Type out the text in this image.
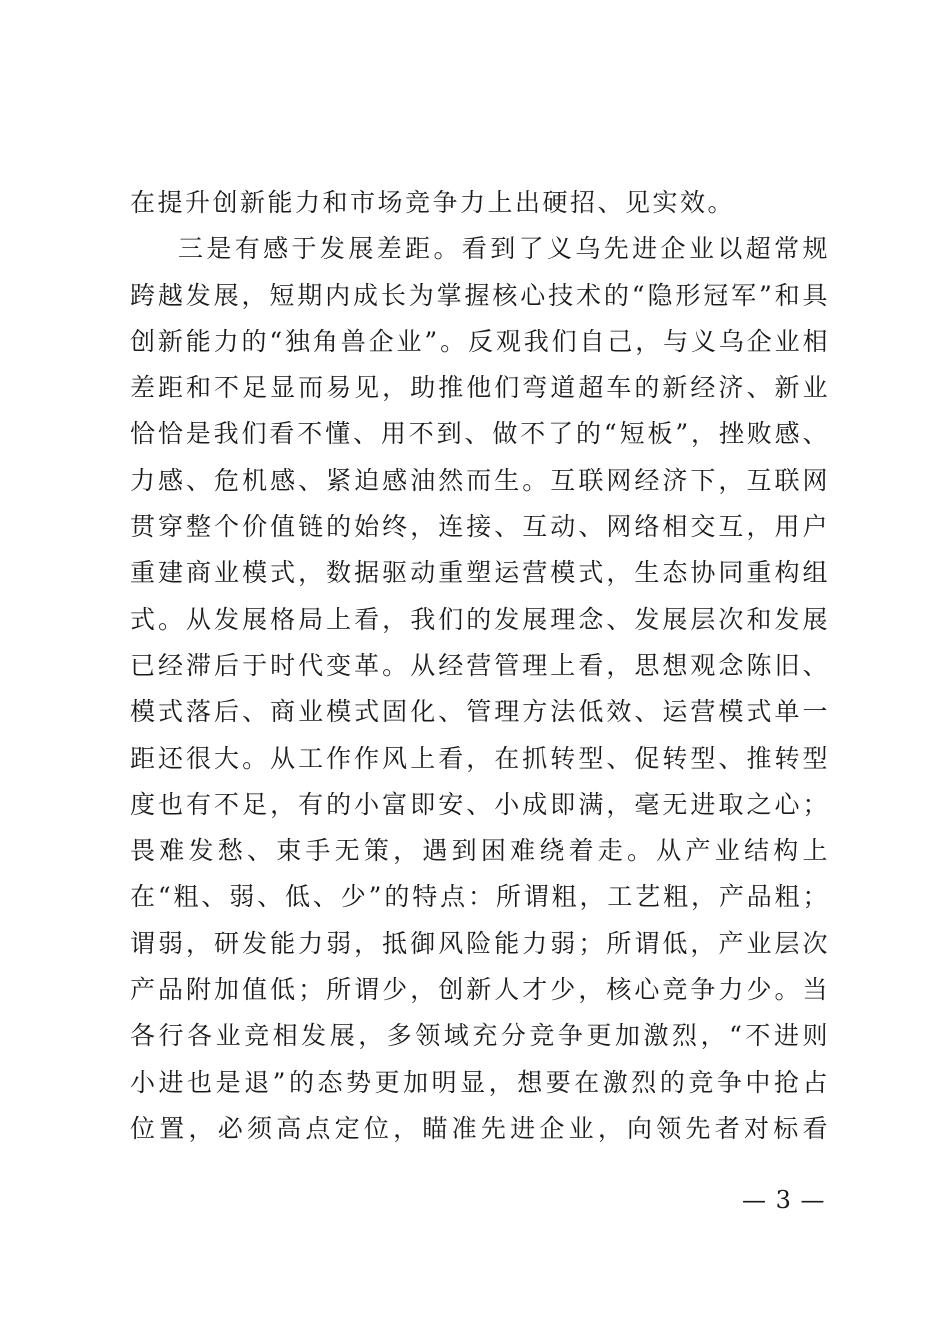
在提升创新能力和市场竞争力上出硬招、见实效。
三是有感于发展差距。看到了义乌先进企业以超常规
跨越发展，短期内成长为掌握核心技术的“隐形冠军”和具
创新能力的“独角兽企业”。反观我们自己，与义乌企业相
差距和不足显而易见，助推他们弯道超车的新经济、新业
恰恰是我们看不懂、用不到、做不了的“短板”，挫败感、
力感、危机感、紧迫感油然而生。互联网经济下，互联网
贯穿整个价值链的始终，连接、互动、网络相交互，用户
重建商业模式，数据驱动重塑运营模式，生态协同重构组
式。从发展格局上看，我们的发展理念、发展层次和发展
已经滞后于时代变革。从经营管理上看，思想观念陈旧、
模式落后、商业模式固化、管理方法低效、运营模式单一
距还很大。从工作作风上看，在抓转型、促转型、推转型
度也有不足，有的小富即安、小成即满，毫无进取之心；
畏难发愁、束手无策，遇到困难绕着走。从产业结构上
在“粗、弱、低、少”的特点：所谓粗，工艺粗，产品粗；
谓弱，研发能力弱，抵御风险能力弱；所谓低，产业层次
产品附加值低；所谓少，创新人才少，核心竞争力少。当
各行各业竞相发展，多领域充分竞争更加激烈，“不进则
小进也是退”的态势更加明显，想要在激烈的竞争中抢占
位置，必须高点定位，瞄准先进企业，向领先者对标看
— 3 —
